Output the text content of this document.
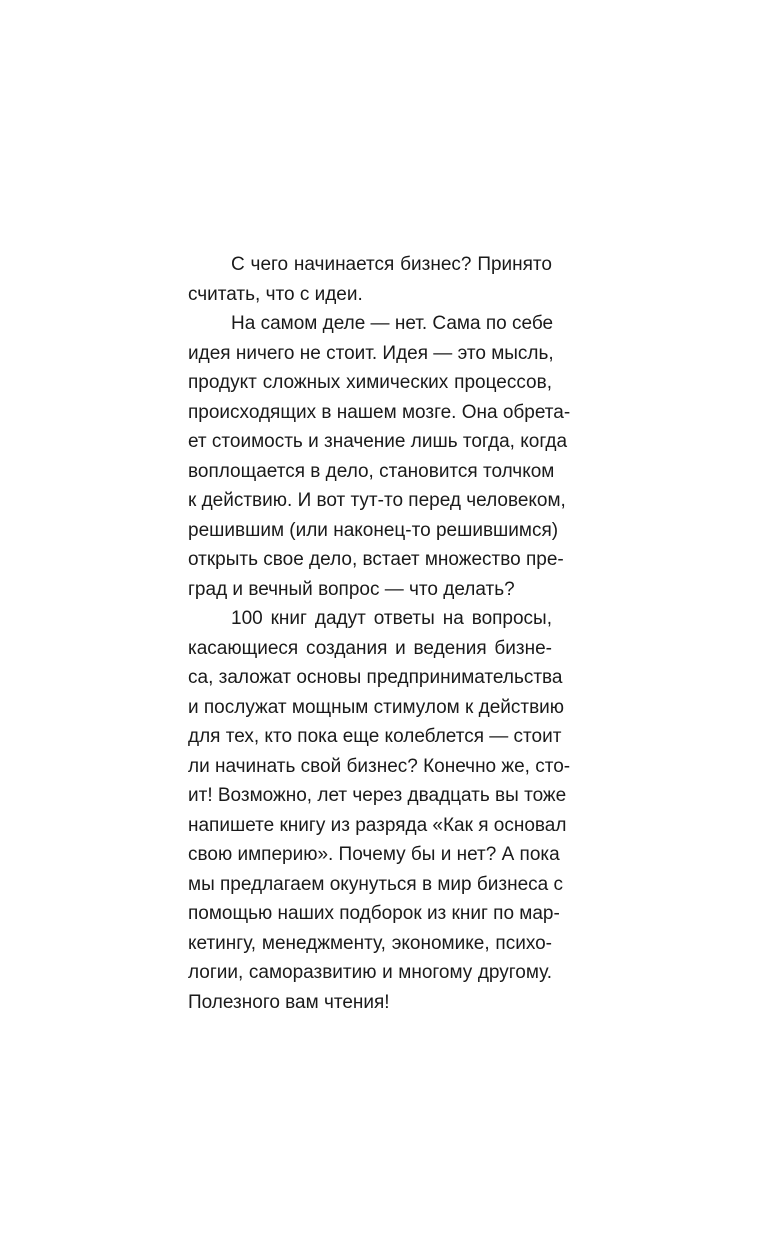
С чего начинается бизнес? Принято
считать, что с идеи.
На самом деле — нет. Сама по себе
идея ничего не стоит. Идея — это мысль,
продукт сложных химических процессов,
происходящих в нашем мозге. Она обрета-
ет стоимость и значение лишь тогда, когда
воплощается в дело, становится толчком
к действию. И вот тут-то перед человеком,
решившим (или наконец-то решившимся)
открыть свое дело, встает множество пре-
град и вечный вопрос — что делать?
100 книг дадут ответы на вопросы,
касающиеся создания и ведения бизне-
са, заложат основы предпринимательства
и послужат мощным стимулом к действию
для тех, кто пока еще колеблется — стоит
ли начинать свой бизнес? Конечно же, сто-
ит! Возможно, лет через двадцать вы тоже
напишете книгу из разряда «Как я основал
свою империю». Почему бы и нет? А пока
мы предлагаем окунуться в мир бизнеса с
помощью наших подборок из книг по мар-
кетингу, менеджменту, экономике, психо-
логии, саморазвитию и многому другому.
Полезного вам чтения!
